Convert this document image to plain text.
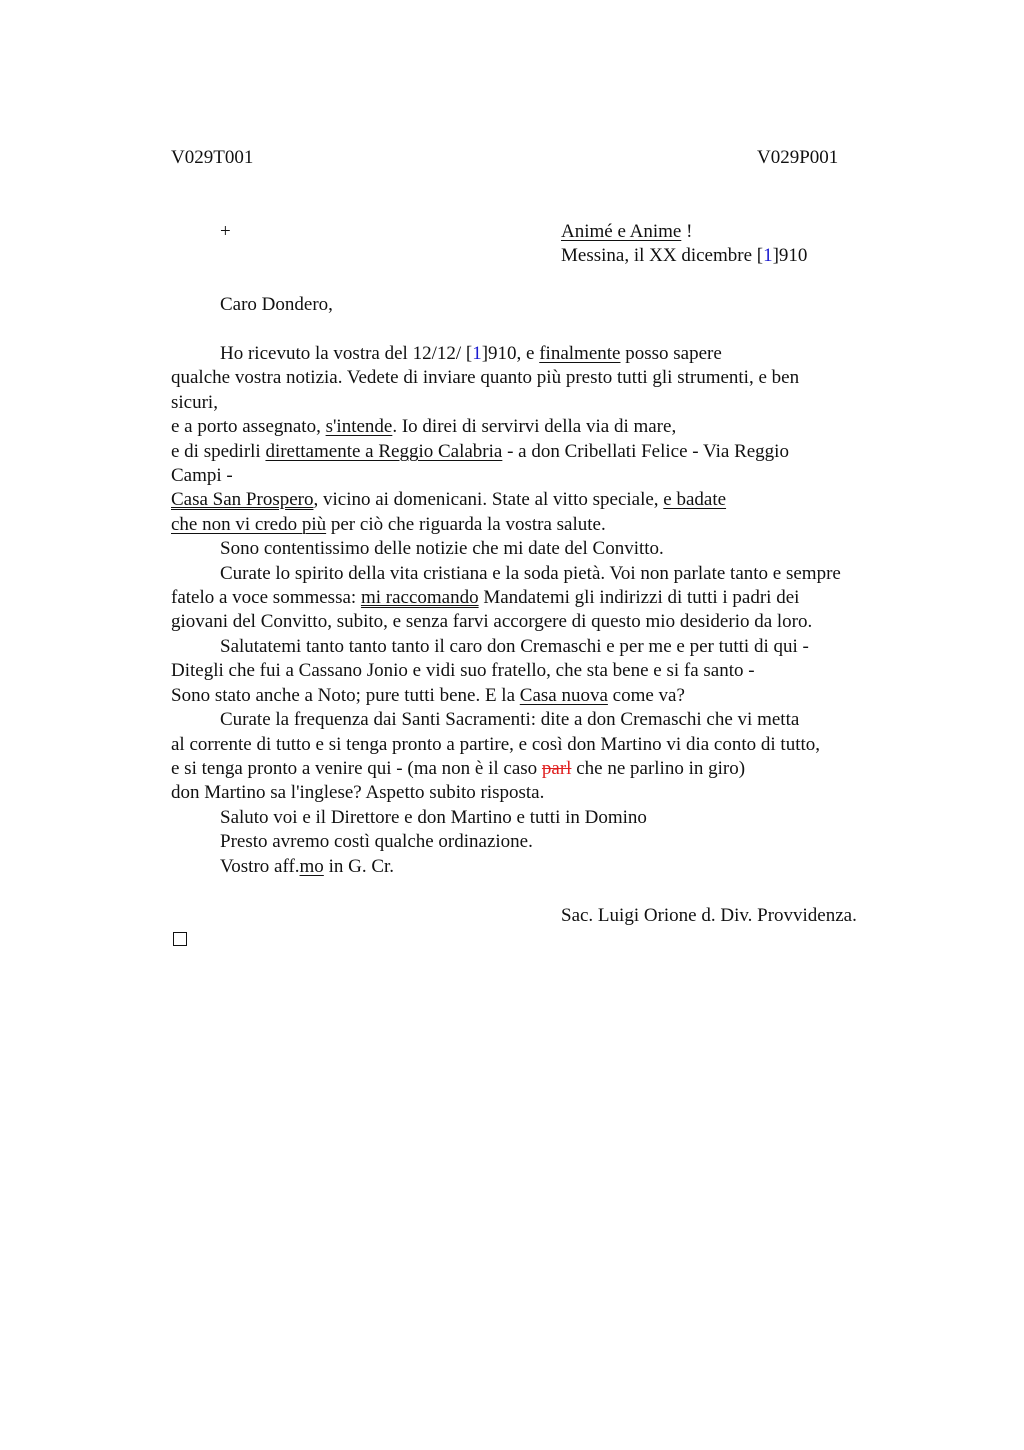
V029T001	V029P001
+	Animé e Anime !
Messina, il XX dicembre [1]910
Caro Dondero,
Ho ricevuto la vostra del 12/12/ [1]910, e finalmente posso sapere
qualche vostra notizia. Vedete di inviare quanto più presto tutti gli strumenti, e ben
sicuri,
e a porto assegnato, s'intende. Io direi di servirvi della via di mare,
e di spedirli direttamente a Reggio Calabria - a don Cribellati Felice - Via Reggio
Campi -
Casa San Prospero, vicino ai domenicani. State al vitto speciale, e badate
che non vi credo più per ciò che riguarda la vostra salute.
Sono contentissimo delle notizie che mi date del Convitto.
Curate lo spirito della vita cristiana e la soda pietà. Voi non parlate tanto e sempre
fatelo a voce sommessa: mi raccomando Mandatemi gli indirizzi di tutti i padri dei
giovani del Convitto, subito, e senza farvi accorgere di questo mio desiderio da loro.
Salutatemi tanto tanto tanto il caro don Cremaschi e per me e per tutti di qui -
Ditegli che fui a Cassano Jonio e vidi suo fratello, che sta bene e si fa santo -
Sono stato anche a Noto; pure tutti bene. E la Casa nuova come va?
Curate la frequenza dai Santi Sacramenti: dite a don Cremaschi che vi metta
al corrente di tutto e si tenga pronto a partire, e così don Martino vi dia conto di tutto,
e si tenga pronto a venire qui - (ma non è il caso parl che ne parlino in giro)
don Martino sa l'inglese? Aspetto subito risposta.
Saluto voi e il Direttore e don Martino e tutti in Domino
Presto avremo costì qualche ordinazione.
Vostro aff.mo in G. Cr.
Sac. Luigi Orione d. Div. Provvidenza.
